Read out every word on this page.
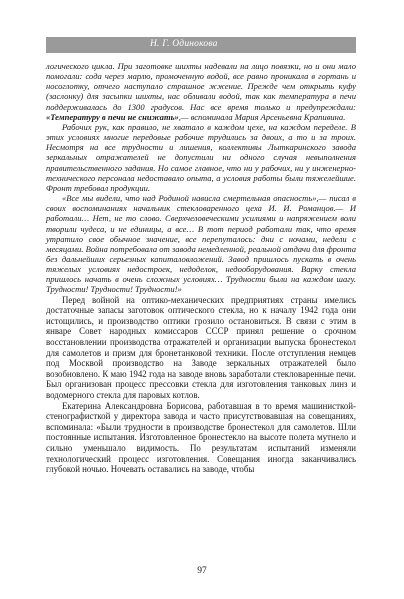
Н. Г. Одинокова

логического цикла. При заготовке шихты надевали на лицо повязки, но и они мало помогали: сода через марлю, промоченную водой, все равно проникала в гортань и носоглотку, отчего наступало страшное жжение. Прежде чем открыть куфу (заслонку) для засыпки шихты, нас обливали водой, так как температура в печи поддерживалась до 1300 градусов. Нас все время только и предупреждали: «Температуру в печи не снижать»,— вспоминала Мария Арсеньевна Крапивина.

Рабочих рук, как правило, не хватало в каждом цехе, на каждом переделе. В этих условиях многие передовые рабочие трудились за двоих, а то и за троих. Несмотря на все трудности и лишения, коллективы Лыткаринского завода зеркальных отражателей не допустили ни одного случая невыполнения правительственного задания. Но самое главное, что ни у рабочих, ни у инженерно-технического персонала недоставало опыта, а условия работы были тяжелейшие. Фронт требовал продукции.

«Все мы видели, что над Родиной нависла смертельная опасность»,— писал в своих воспоминаниях начальник стекловаренного цеха И. И. Романцов.— И работали… Нет, не то слово. Сверхчеловеческими усилиями и напряжением воли творили чудеса, и не единицы, а все… В тот период работали так, что время утратило свое обычное значение, все перепуталось: дни с ночами, недели с месяцами. Война потребовала от завода немедленной, реальной отдачи для фронта без дальнейших серьезных капиталовложений. Завод пришлось пускать в очень тяжелых условиях недостроек, недоделок, недооборудования. Варку стекла пришлось начать в очень сложных условиях… Трудности были на каждом шагу. Трудности! Трудности! Трудности!»

Перед войной на оптико-механических предприятиях страны имелись достаточные запасы заготовок оптического стекла, но к началу 1942 года они истощились, и производство оптики грозило остановиться. В связи с этим в январе Совет народных комиссаров СССР принял решение о срочном восстановлении производства отражателей и организации выпуска бронестекол для самолетов и призм для бронетанковой техники. После отступления немцев под Москвой производство на Заводе зеркальных отражателей было возобновлено. К маю 1942 года на заводе вновь заработали стекловаренные печи. Был организован процесс прессовки стекла для изготовления танковых линз и водомерного стекла для паровых котлов.

Екатерина Александровна Борисова, работавшая в то время машинисткой-стенографисткой у директора завода и часто присутствовавшая на совещаниях, вспоминала: «Были трудности в производстве бронестекол для самолетов. Шли постоянные испытания. Изготовленное бронестекло на высоте полета мутнело и сильно уменьшало видимость. По результатам испытаний изменяли технологический процесс изготовления. Совещания иногда заканчивались глубокой ночью. Ночевать оставались на заводе, чтобы

97
